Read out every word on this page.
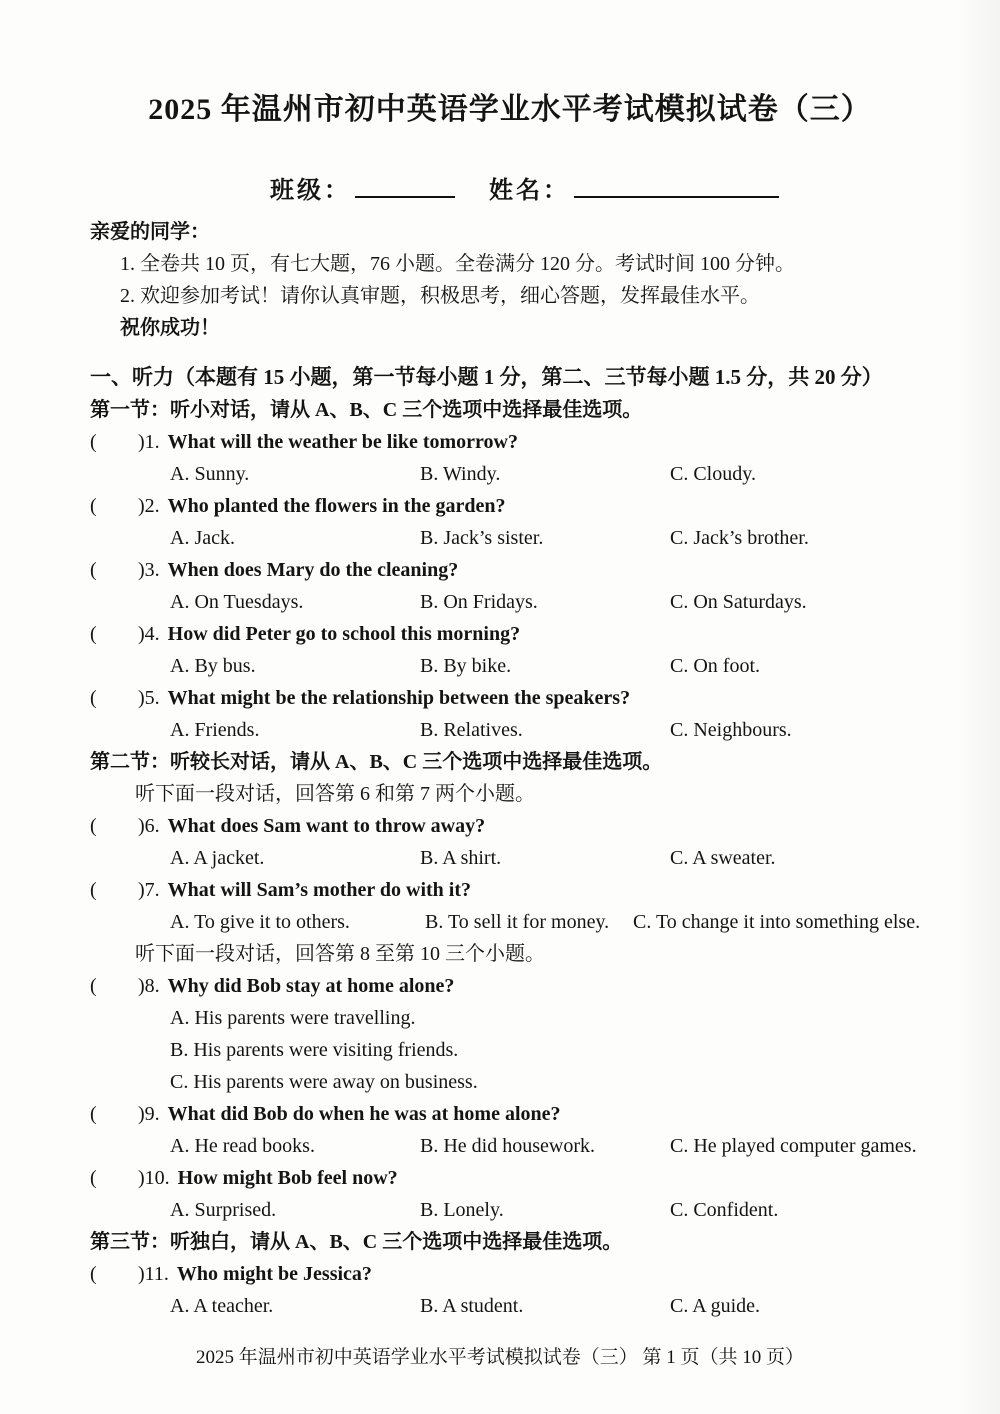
2025 年温州市初中英语学业水平考试模拟试卷（三）
班级：	姓名：
亲爱的同学：
1. 全卷共 10 页，有七大题，76 小题。全卷满分 120 分。考试时间 100 分钟。
2. 欢迎参加考试！请你认真审题，积极思考，细心答题，发挥最佳水平。
祝你成功！
一、听力（本题有 15 小题，第一节每小题 1 分，第二、三节每小题 1.5 分，共 20 分）
第一节：听小对话，请从 A、B、C 三个选项中选择最佳选项。
( )1. What will the weather be like tomorrow?
A. Sunny.	B. Windy.	C. Cloudy.
( )2. Who planted the flowers in the garden?
A. Jack.	B. Jack’s sister.	C. Jack’s brother.
( )3. When does Mary do the cleaning?
A. On Tuesdays.	B. On Fridays.	C. On Saturdays.
( )4. How did Peter go to school this morning?
A. By bus.	B. By bike.	C. On foot.
( )5. What might be the relationship between the speakers?
A. Friends.	B. Relatives.	C. Neighbours.
第二节：听较长对话，请从 A、B、C 三个选项中选择最佳选项。
听下面一段对话，回答第 6 和第 7 两个小题。
( )6. What does Sam want to throw away?
A. A jacket.	B. A shirt.	C. A sweater.
( )7. What will Sam’s mother do with it?
A. To give it to others.	B. To sell it for money.	C. To change it into something else.
听下面一段对话，回答第 8 至第 10 三个小题。
( )8. Why did Bob stay at home alone?
A. His parents were travelling.
B. His parents were visiting friends.
C. His parents were away on business.
( )9. What did Bob do when he was at home alone?
A. He read books.	B. He did housework.	C. He played computer games.
( )10. How might Bob feel now?
A. Surprised.	B. Lonely.	C. Confident.
第三节：听独白，请从 A、B、C 三个选项中选择最佳选项。
( )11. Who might be Jessica?
A. A teacher.	B. A student.	C. A guide.
2025 年温州市初中英语学业水平考试模拟试卷（三） 第 1 页（共 10 页）
